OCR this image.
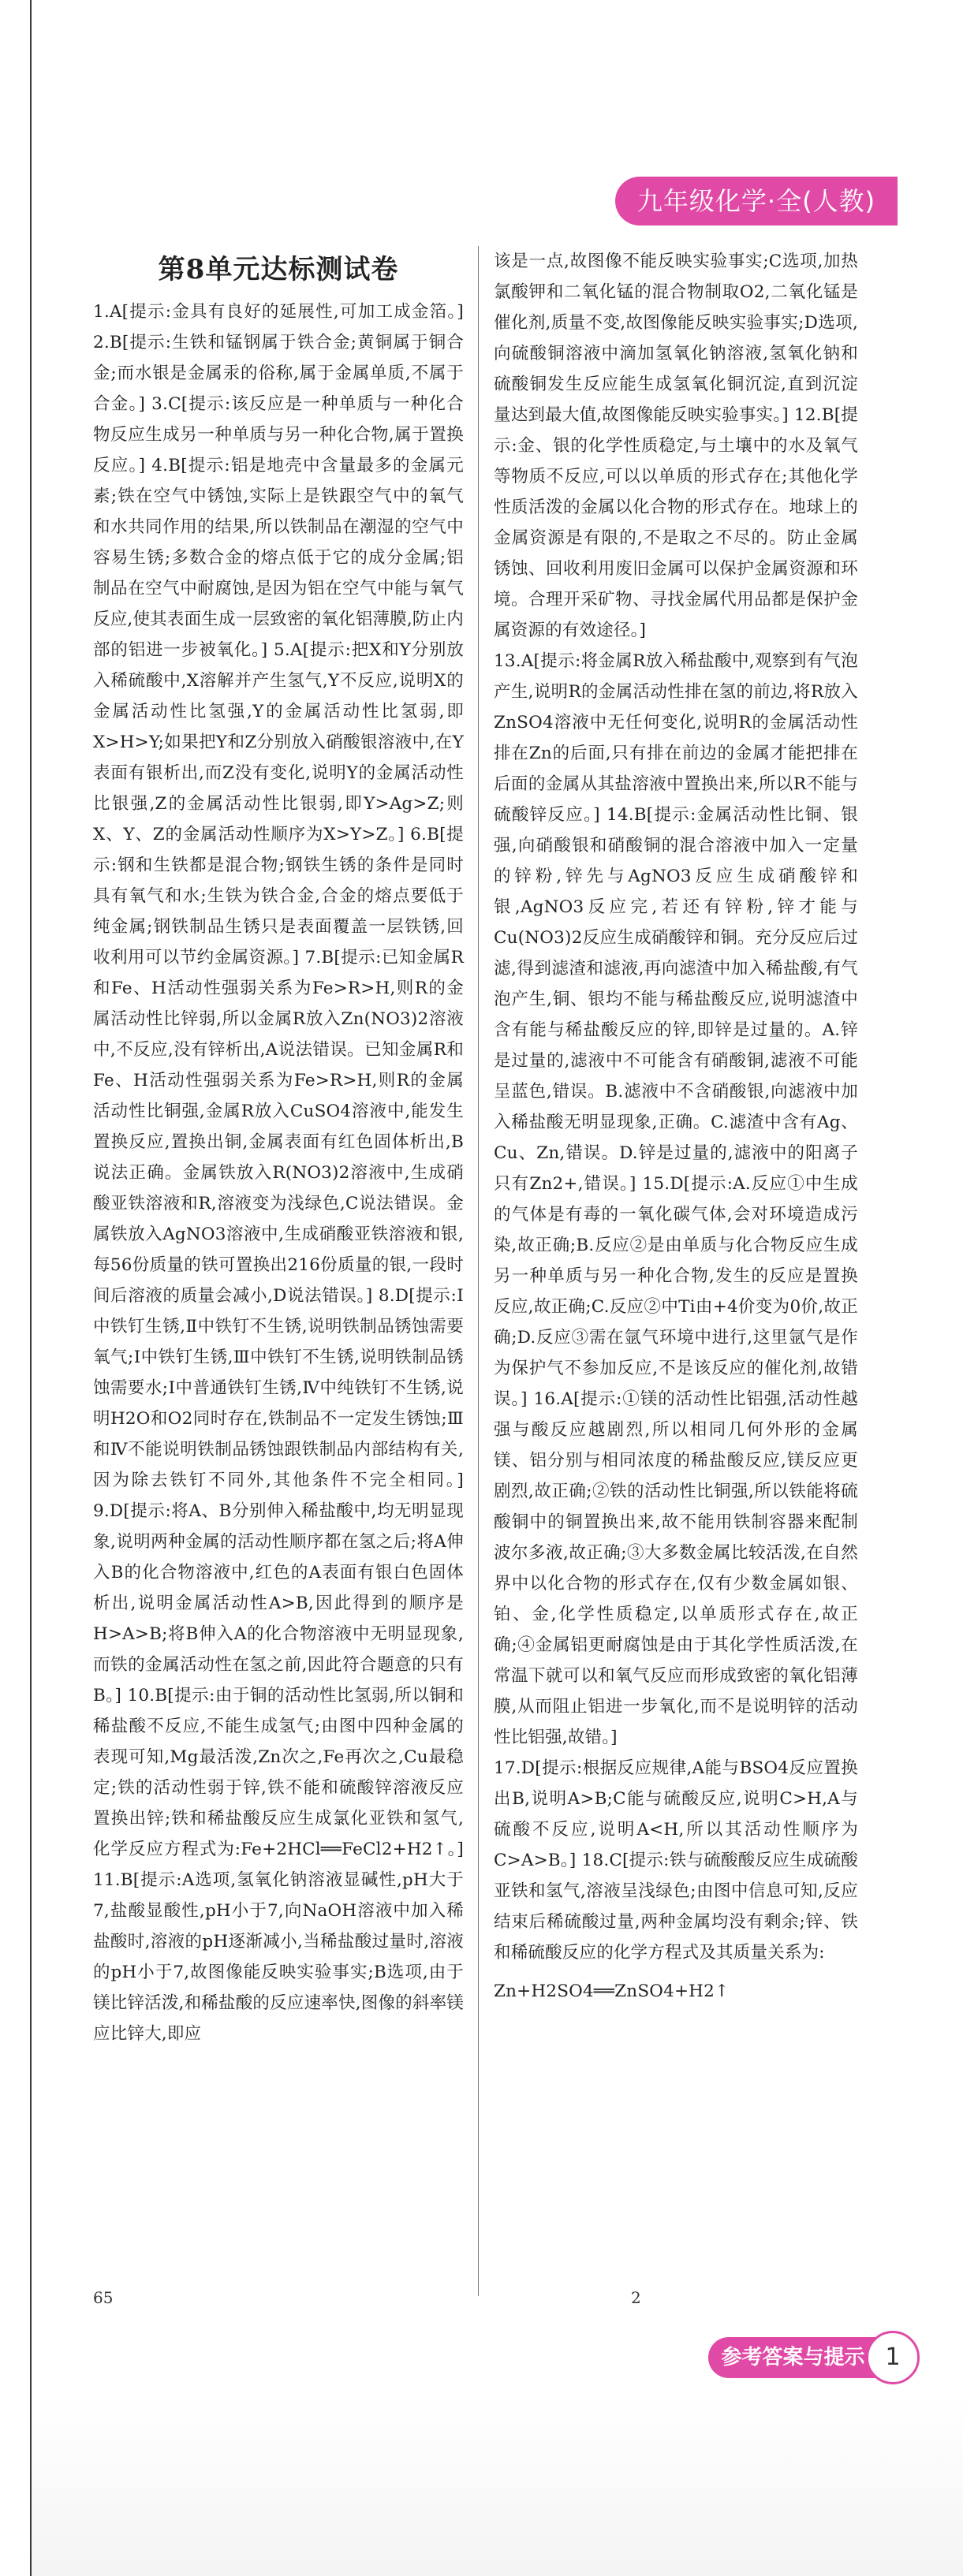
九年级化学·全(人教)

第8单元达标测试卷

1.A[提示:金具有良好的延展性,可加工成金箔。] 2.B[提示:生铁和锰钢属于铁合金;黄铜属于铜合金;而水银是金属汞的俗称,属于金属单质,不属于合金。] 3.C[提示:该反应是一种单质与一种化合物反应生成另一种单质与另一种化合物,属于置换反应。] 4.B[提示:铝是地壳中含量最多的金属元素;铁在空气中锈蚀,实际上是铁跟空气中的氧气和水共同作用的结果,所以铁制品在潮湿的空气中容易生锈;多数合金的熔点低于它的成分金属;铝制品在空气中耐腐蚀,是因为铝在空气中能与氧气反应,使其表面生成一层致密的氧化铝薄膜,防止内部的铝进一步被氧化。] 5.A[提示:把X和Y分别放入稀硫酸中,X溶解并产生氢气,Y不反应,说明X的金属活动性比氢强,Y的金属活动性比氢弱,即X>H>Y;如果把Y和Z分别放入硝酸银溶液中,在Y表面有银析出,而Z没有变化,说明Y的金属活动性比银强,Z的金属活动性比银弱,即Y>Ag>Z;则X、Y、Z的金属活动性顺序为X>Y>Z。] 6.B[提示:钢和生铁都是混合物;钢铁生锈的条件是同时具有氧气和水;生铁为铁合金,合金的熔点要低于纯金属;钢铁制品生锈只是表面覆盖一层铁锈,回收利用可以节约金属资源。] 7.B[提示:已知金属R和Fe、H活动性强弱关系为Fe>R>H,则R的金属活动性比锌弱,所以金属R放入Zn(NO3)2溶液中,不反应,没有锌析出,A说法错误。已知金属R和Fe、H活动性强弱关系为Fe>R>H,则R的金属活动性比铜强,金属R放入CuSO4溶液中,能发生置换反应,置换出铜,金属表面有红色固体析出,B说法正确。金属铁放入R(NO3)2溶液中,生成硝酸亚铁溶液和R,溶液变为浅绿色,C说法错误。金属铁放入AgNO3溶液中,生成硝酸亚铁溶液和银,每56份质量的铁可置换出216份质量的银,一段时间后溶液的质量会减小,D说法错误。] 8.D[提示:Ⅰ中铁钉生锈,Ⅱ中铁钉不生锈,说明铁制品锈蚀需要氧气;Ⅰ中铁钉生锈,Ⅲ中铁钉不生锈,说明铁制品锈蚀需要水;Ⅰ中普通铁钉生锈,Ⅳ中纯铁钉不生锈,说明H2O和O2同时存在,铁制品不一定发生锈蚀;Ⅲ和Ⅳ不能说明铁制品锈蚀跟铁制品内部结构有关,因为除去铁钉不同外,其他条件不完全相同。] 9.D[提示:将A、B分别伸入稀盐酸中,均无明显现象,说明两种金属的活动性顺序都在氢之后;将A伸入B的化合物溶液中,红色的A表面有银白色固体析出,说明金属活动性A>B,因此得到的顺序是H>A>B;将B伸入A的化合物溶液中无明显现象,而铁的金属活动性在氢之前,因此符合题意的只有B。] 10.B[提示:由于铜的活动性比氢弱,所以铜和稀盐酸不反应,不能生成氢气;由图中四种金属的表现可知,Mg最活泼,Zn次之,Fe再次之,Cu最稳定;铁的活动性弱于锌,铁不能和硫酸锌溶液反应置换出锌;铁和稀盐酸反应生成氯化亚铁和氢气,化学反应方程式为:Fe+2HCl══FeCl2+H2↑。] 11.B[提示:A选项,氢氧化钠溶液显碱性,pH大于7,盐酸显酸性,pH小于7,向NaOH溶液中加入稀盐酸时,溶液的pH逐渐减小,当稀盐酸过量时,溶液的pH小于7,故图像能反映实验事实;B选项,由于镁比锌活泼,和稀盐酸的反应速率快,图像的斜率镁应比锌大,即应

该是一点,故图像不能反映实验事实;C选项,加热氯酸钾和二氧化锰的混合物制取O2,二氧化锰是催化剂,质量不变,故图像能反映实验事实;D选项,向硫酸铜溶液中滴加氢氧化钠溶液,氢氧化钠和硫酸铜发生反应能生成氢氧化铜沉淀,直到沉淀量达到最大值,故图像能反映实验事实。] 12.B[提示:金、银的化学性质稳定,与土壤中的水及氧气等物质不反应,可以以单质的形式存在;其他化学性质活泼的金属以化合物的形式存在。地球上的金属资源是有限的,不是取之不尽的。防止金属锈蚀、回收利用废旧金属可以保护金属资源和环境。合理开采矿物、寻找金属代用品都是保护金属资源的有效途径。]

13.A[提示:将金属R放入稀盐酸中,观察到有气泡产生,说明R的金属活动性排在氢的前边,将R放入ZnSO4溶液中无任何变化,说明R的金属活动性排在Zn的后面,只有排在前边的金属才能把排在后面的金属从其盐溶液中置换出来,所以R不能与硫酸锌反应。] 14.B[提示:金属活动性比铜、银强,向硝酸银和硝酸铜的混合溶液中加入一定量的锌粉,锌先与AgNO3反应生成硝酸锌和银,AgNO3反应完,若还有锌粉,锌才能与Cu(NO3)2反应生成硝酸锌和铜。充分反应后过滤,得到滤渣和滤液,再向滤渣中加入稀盐酸,有气泡产生,铜、银均不能与稀盐酸反应,说明滤渣中含有能与稀盐酸反应的锌,即锌是过量的。A.锌是过量的,滤液中不可能含有硝酸铜,滤液不可能呈蓝色,错误。B.滤液中不含硝酸银,向滤液中加入稀盐酸无明显现象,正确。C.滤渣中含有Ag、Cu、Zn,错误。D.锌是过量的,滤液中的阳离子只有Zn2+,错误。] 15.D[提示:A.反应①中生成的气体是有毒的一氧化碳气体,会对环境造成污染,故正确;B.反应②是由单质与化合物反应生成另一种单质与另一种化合物,发生的反应是置换反应,故正确;C.反应②中Ti由+4价变为0价,故正确;D.反应③需在氩气环境中进行,这里氩气是作为保护气不参加反应,不是该反应的催化剂,故错误。] 16.A[提示:①镁的活动性比铝强,活动性越强与酸反应越剧烈,所以相同几何外形的金属镁、铝分别与相同浓度的稀盐酸反应,镁反应更剧烈,故正确;②铁的活动性比铜强,所以铁能将硫酸铜中的铜置换出来,故不能用铁制容器来配制波尔多液,故正确;③大多数金属比较活泼,在自然界中以化合物的形式存在,仅有少数金属如银、铂、金,化学性质稳定,以单质形式存在,故正确;④金属铝更耐腐蚀是由于其化学性质活泼,在常温下就可以和氧气反应而形成致密的氧化铝薄膜,从而阻止铝进一步氧化,而不是说明锌的活动性比铝强,故错。]

17.D[提示:根据反应规律,A能与BSO4反应置换出B,说明A>B;C能与硫酸反应,说明C>H,A与硫酸不反应,说明A<H,所以其活动性顺序为C>A>B。] 18.C[提示:铁与硫酸酸反应生成硫酸亚铁和氢气,溶液呈浅绿色;由图中信息可知,反应结束后稀硫酸过量,两种金属均没有剩余;锌、铁和稀硫酸反应的化学方程式及其质量关系为:

Zn+H2SO4══ZnSO4+H2↑

65	2
参考答案与提示 1
